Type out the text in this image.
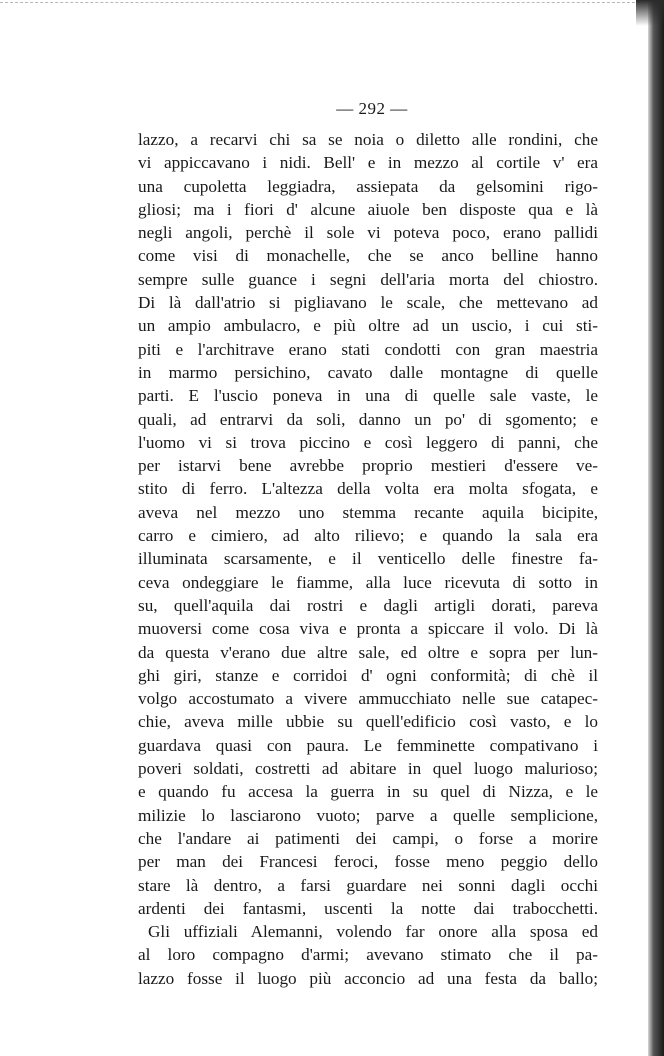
— 292 —
lazzo, a recarvi chi sa se noia o diletto alle rondini, che
vi appiccavano i nidi. Bell' e in mezzo al cortile v' era
una cupoletta leggiadra, assiepata da gelsomini rigo-
gliosi; ma i fiori d' alcune aiuole ben disposte qua e là
negli angoli, perchè il sole vi poteva poco, erano pallidi
come visi di monachelle, che se anco belline hanno
sempre sulle guance i segni dell'aria morta del chiostro.
Di là dall'atrio si pigliavano le scale, che mettevano ad
un ampio ambulacro, e più oltre ad un uscio, i cui sti-
piti e l'architrave erano stati condotti con gran maestria
in marmo persichino, cavato dalle montagne di quelle
parti. E l'uscio poneva in una di quelle sale vaste, le
quali, ad entrarvi da soli, danno un po' di sgomento; e
l'uomo vi si trova piccino e così leggero di panni, che
per istarvi bene avrebbe proprio mestieri d'essere ve-
stito di ferro. L'altezza della volta era molta sfogata, e
aveva nel mezzo uno stemma recante aquila bicipite,
carro e cimiero, ad alto rilievo; e quando la sala era
illuminata scarsamente, e il venticello delle finestre fa-
ceva ondeggiare le fiamme, alla luce ricevuta di sotto in
su, quell'aquila dai rostri e dagli artigli dorati, pareva
muoversi come cosa viva e pronta a spiccare il volo. Di là
da questa v'erano due altre sale, ed oltre e sopra per lun-
ghi giri, stanze e corridoi d' ogni conformità; di chè il
volgo accostumato a vivere ammucchiato nelle sue catapec-
chie, aveva mille ubbie su quell'edificio così vasto, e lo
guardava quasi con paura. Le femminette compativano i
poveri soldati, costretti ad abitare in quel luogo malurioso;
e quando fu accesa la guerra in su quel di Nizza, e le
milizie lo lasciarono vuoto; parve a quelle semplicione,
che l'andare ai patimenti dei campi, o forse a morire
per man dei Francesi feroci, fosse meno peggio dello
stare là dentro, a farsi guardare nei sonni dagli occhi
ardenti dei fantasmi, uscenti la notte dai trabocchetti.
Gli uffiziali Alemanni, volendo far onore alla sposa ed
al loro compagno d'armi; avevano stimato che il pa-
lazzo fosse il luogo più acconcio ad una festa da ballo;
